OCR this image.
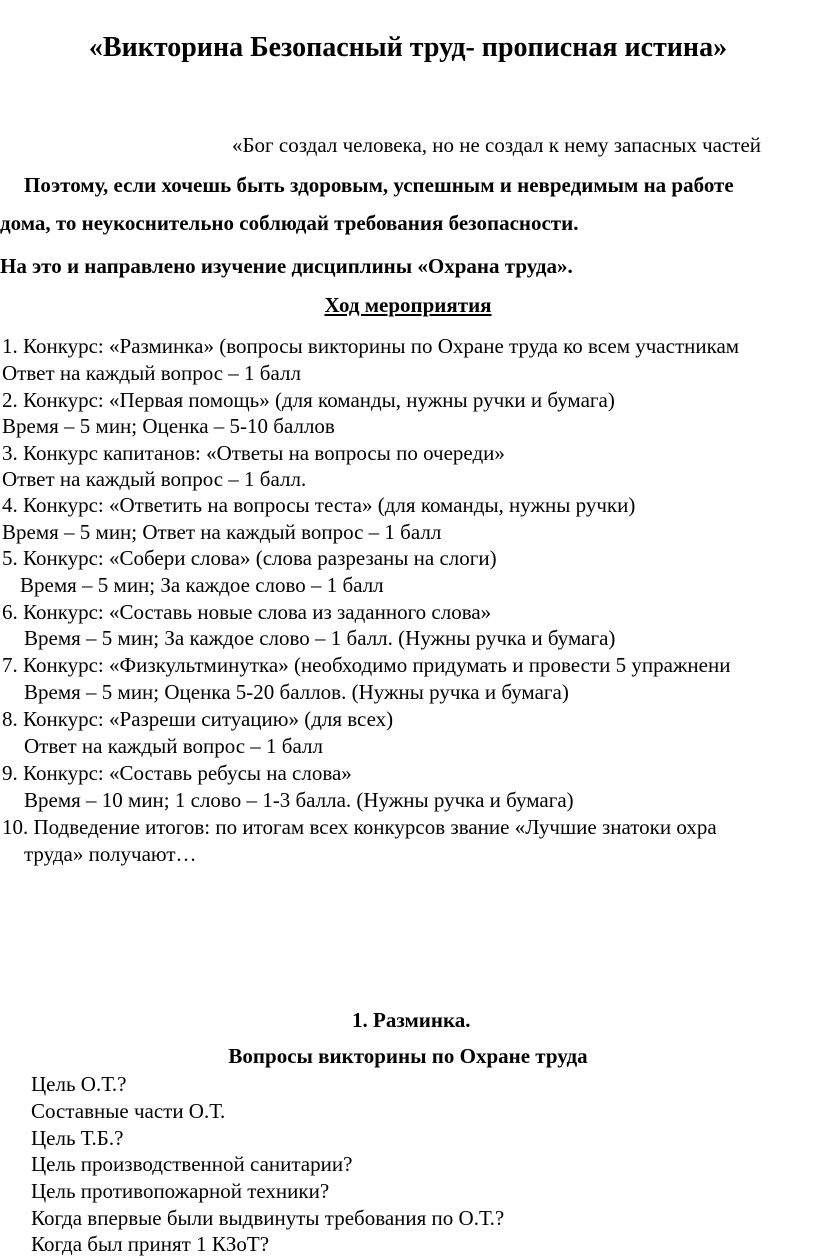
«Викторина Безопасный труд- прописная истина»
«Бог создал человека, но не создал к нему запасных частей
Поэтому, если хочешь быть здоровым, успешным и невредимым на работе
дома, то неукоснительно соблюдай требования безопасности.
На это и направлено изучение дисциплины «Охрана труда».
Ход мероприятия
1. Конкурс: «Разминка» (вопросы викторины по Охране труда ко всем участникам
Ответ на каждый вопрос – 1 балл
2. Конкурс: «Первая помощь» (для команды, нужны ручки и бумага)
Время – 5 мин; Оценка – 5-10 баллов
3. Конкурс капитанов: «Ответы на вопросы по очереди»
Ответ на каждый вопрос – 1 балл.
4. Конкурс: «Ответить на вопросы теста» (для команды, нужны ручки)
Время – 5 мин; Ответ на каждый вопрос – 1 балл
5. Конкурс: «Собери слова» (слова разрезаны на слоги)
Время – 5 мин; За каждое слово – 1 балл
6. Конкурс: «Составь новые слова из заданного слова»
Время – 5 мин; За каждое слово – 1 балл. (Нужны ручка и бумага)
7. Конкурс: «Физкультминутка» (необходимо придумать и провести 5 упражнени
Время – 5 мин; Оценка 5-20 баллов. (Нужны ручка и бумага)
8. Конкурс: «Разреши ситуацию» (для всех)
Ответ на каждый вопрос – 1 балл
9. Конкурс: «Составь ребусы на слова»
Время – 10 мин; 1 слово – 1-3 балла. (Нужны ручка и бумага)
10. Подведение итогов: по итогам всех конкурсов звание «Лучшие знатоки охра
труда» получают…
1. Разминка.
Вопросы викторины по Охране труда
Цель О.Т.?
Составные части О.Т.
Цель Т.Б.?
Цель производственной санитарии?
Цель противопожарной техники?
Когда впервые были выдвинуты требования по О.Т.?
Когда был принят 1 КЗоТ?
